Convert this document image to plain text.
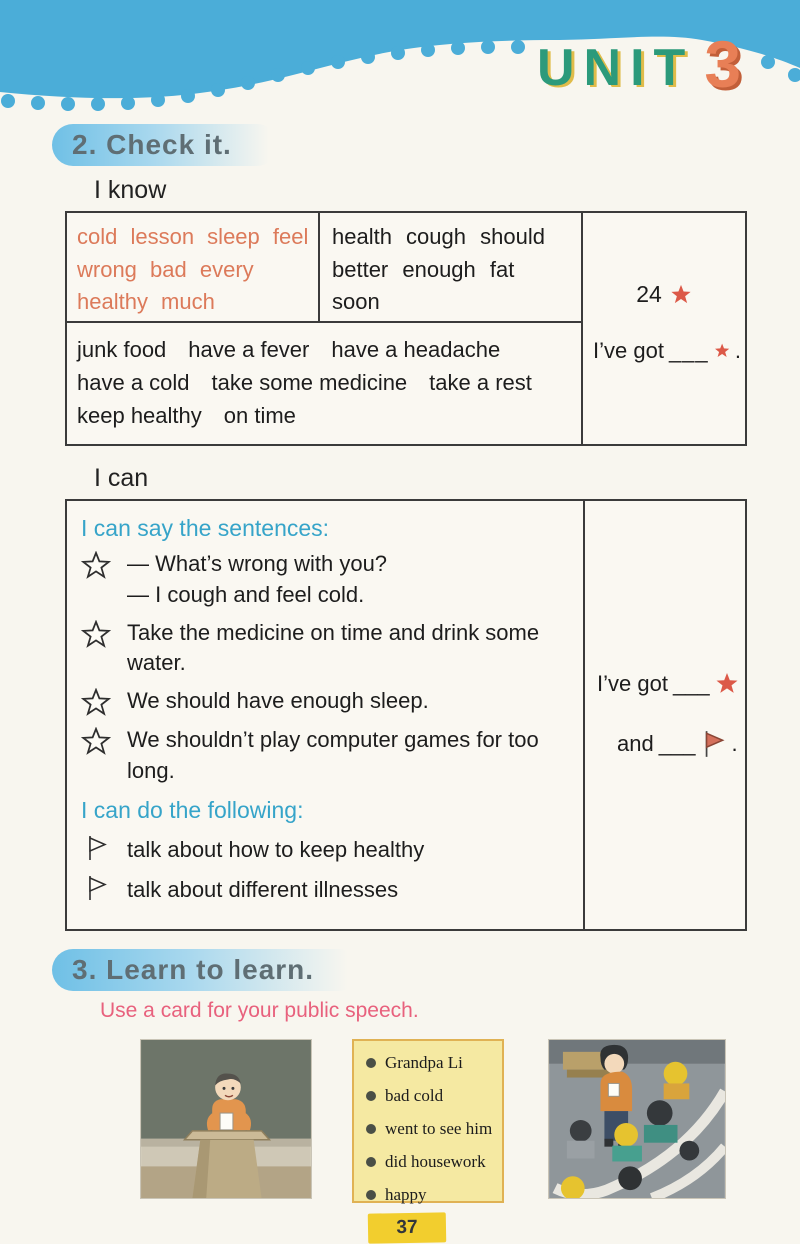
UNIT 3
2. Check it.
I know
cold lesson sleep feel
wrong bad every
healthy much
health cough should
better enough fat soon
junk food have a fever have a headache
have a cold take some medicine take a rest
keep healthy on time
24
I’ve got ___ .
I can
I can say the sentences:
— What’s wrong with you?
— I cough and feel cold.
Take the medicine on time and drink some water.
We should have enough sleep.
We shouldn’t play computer games for too long.
I can do the following:
talk about how to keep healthy
talk about different illnesses
I’ve got ___
and ___ .
3. Learn to learn.
Use a card for your public speech.
Grandpa Li
bad cold
went to see him
did housework
happy
37
